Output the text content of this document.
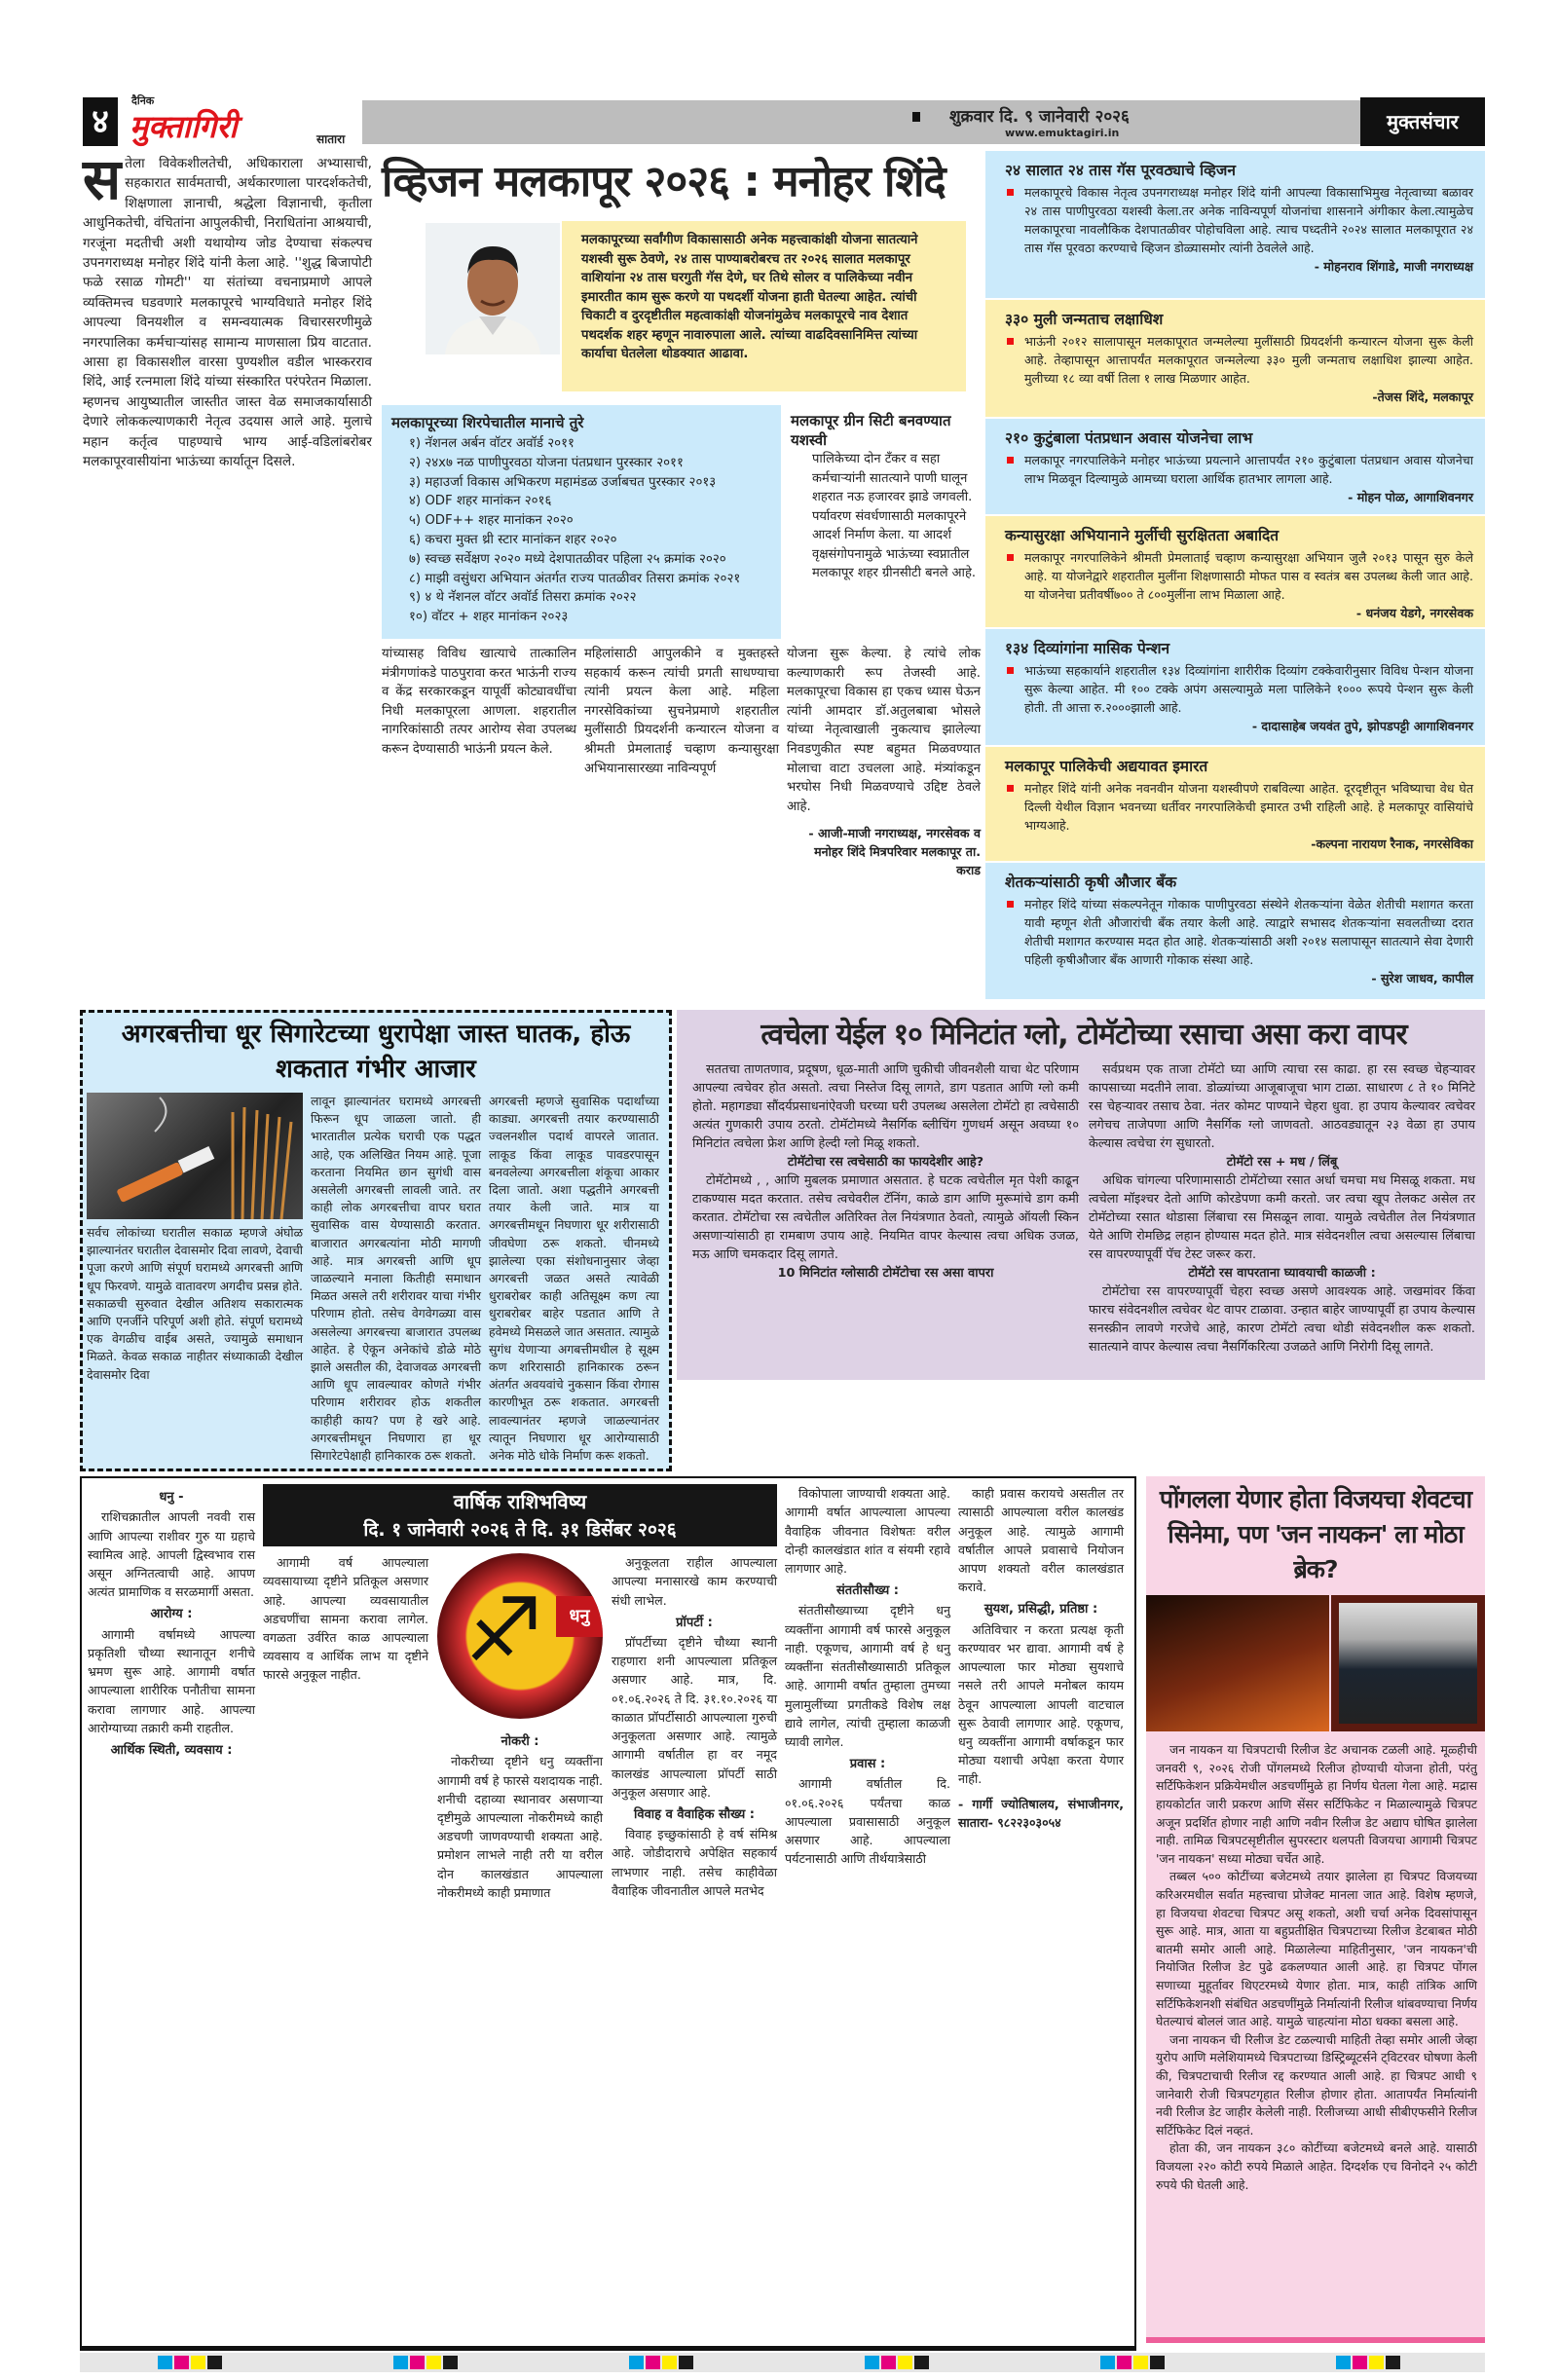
४
दैनिक
मुक्तागिरी	सातारा
शुक्रवार दि. ९ जानेवारी २०२६
www.emuktagiri.in	मुक्तसंचार
सतेला विवेकशीलतेची, अधिकाराला अभ्यासाची, सहकारात सार्वमताची, अर्थकारणाला पारदर्शकतेची, शिक्षणाला ज्ञानाची, श्रद्धेला विज्ञानाची, कृतीला आधुनिकतेची, वंचितांना आपुलकीची, निराधितांना आश्रयाची, गरजूंना मदतीची अशी यथायोग्य जोड देण्याचा संकल्पच उपनगराध्यक्ष मनोहर शिंदे यांनी केला आहे. ''शुद्ध बिजापोटी फळे रसाळ गोमटी'' या संतांच्या वचनाप्रमाणे आपले व्यक्तिमत्त्व घडवणारे मलकापूरचे भाग्यविधाते मनोहर शिंदे आपल्या विनयशील व समन्वयात्मक विचारसरणीमुळे नगरपालिका कर्मचाऱ्यांसह सामान्य माणसाला प्रिय वाटतात. आसा हा विकासशील वारसा पुण्यशील वडील भास्करराव शिंदे, आई रत्नमाला शिंदे यांच्या संस्कारित परंपरेतन मिळाला. म्हणनच आयुष्यातील जास्तीत जास्त वेळ समाजकार्यासाठी देणारे लोककल्याणकारी नेतृत्व उदयास आले आहे. मुलाचे महान कर्तृत्व पाहण्याचे भाग्य आई-वडिलांबरोबर मलकापूरवासीयांना भाऊंच्या कार्यातून दिसले.
व्हिजन मलकापूर २०२६ : मनोहर शिंदे
मलकापूरच्या सर्वांगीण विकासासाठी अनेक महत्त्वाकांक्षी योजना सातत्याने यशस्वी सुरू ठेवणे, २४ तास पाण्याबरोबरच तर २०२६ सालात मलकापूर वाशियांना २४ तास घरगुती गॅस देणे, घर तिथे सोलर व पालिकेच्या नवीन इमारतीत काम सुरू करणे या पथदर्शी योजना हाती घेतल्या आहेत. त्यांची चिकाटी व दुरदृष्टीतील महत्वाकांक्षी योजनांमुळेच मलकापूरचे नाव देशात पथदर्शक शहर म्हणून नावारुपाला आले. त्यांच्या वाढदिवसानिमित्त त्यांच्या कार्याचा घेतलेला थोडक्यात आढावा.
मलकापूरच्या शिरपेचातील मानाचे तुरे
१) नॅशनल अर्बन वॉटर अवॉर्ड २०११
२) २४x७ नळ पाणीपुरवठा योजना पंतप्रधान पुरस्कार २०११
३) महाउर्जा विकास अभिकरण महामंडळ उर्जाबचत पुरस्कार २०१३
४) ODF शहर मानांकन २०१६
५) ODF++ शहर मानांकन २०२०
६) कचरा मुक्त थ्री स्टार मानांकन शहर २०२०
७) स्वच्छ सर्वेक्षण २०२० मध्ये देशपातळीवर पहिला २५ क्रमांक २०२०
८) माझी वसुंधरा अभियान अंतर्गत राज्य पातळीवर तिसरा क्रमांक २०२१
९) ४ थे नॅशनल वॉटर अवॉर्ड तिसरा क्रमांक २०२२
१०) वॉटर + शहर मानांकन २०२३
मलकापूर ग्रीन सिटी बनवण्यात यशस्वी
पालिकेच्या दोन टँकर व सहा कर्मचाऱ्यांनी सातत्याने पाणी घालून शहरात नऊ हजारवर झाडे जगवली. पर्यावरण संवर्धणासाठी मलकापूरने आदर्श निर्माण केला. या आदर्श वृक्षसंगोपनामुळे भाऊंच्या स्वप्नातील मलकापूर शहर ग्रीनसीटी बनले आहे.
यांच्यासह विविध खात्याचे तात्कालिन मंत्रीगणांकडे पाठपुरावा करत भाऊंनी राज्य व केंद्र सरकारकडून यापूर्वी कोट्यावधींचा निधी मलकापूरला आणला. शहरातील नागरिकांसाठी तत्पर आरोग्य सेवा उपलब्ध करून देण्यासाठी भाऊंनी प्रयत्न केले.
महिलांसाठी आपुलकीने व मुक्तहस्ते सहकार्य करून त्यांची प्रगती साधण्याचा त्यांनी प्रयत्न केला आहे. महिला नगरसेविकांच्या सुचनेप्रमाणे शहरातील मुलींसाठी प्रियदर्शनी कन्यारत्न योजना व श्रीमती प्रेमलाताई चव्हाण कन्यासुरक्षा अभियानासारख्या नाविन्यपूर्ण
योजना सुरू केल्या. हे त्यांचे लोक कल्याणकारी रूप तेजस्वी आहे. मलकापूरचा विकास हा एकच ध्यास घेऊन त्यांनी आमदार डॉ.अतुलबाबा भोसले यांच्या नेतृत्वाखाली नुकत्याच झालेल्या निवडणुकीत स्पष्ट बहुमत मिळवण्यात मोलाचा वाटा उचलला आहे. मंत्र्यांकडून भरघोस निधी मिळवण्याचे उद्दिष्ट ठेवले आहे.
- आजी-माजी नगराध्यक्ष, नगरसेवक व मनोहर शिंदे मित्रपरिवार मलकापूर ता. कराड
२४ सालात २४ तास गॅस पूरवठ्याचे व्हिजन
मलकापूरचे विकास नेतृत्व उपनगराध्यक्ष मनोहर शिंदे यांनी आपल्या विकासाभिमुख नेतृत्वाच्या बळावर २४ तास पाणीपुरवठा यशस्वी केला.तर अनेक नाविन्यपूर्ण योजनांचा शासनाने अंगीकार केला.त्यामुळेच मलकापूरचा नावलौकिक देशपातळीवर पोहोचविला आहे. त्याच पध्दतीने २०२४ सालात मलकापूरात २४ तास गॅस पूरवठा करण्याचे व्हिजन डोळ्यासमोर त्यांनी ठेवलेले आहे.
- मोहनराव शिंगाडे, माजी नगराध्यक्ष
३३० मुली जन्मताच लक्षाधिश
भाऊंनी २०१२ सालापासून मलकापूरात जन्मलेल्या मुलींसाठी प्रियदर्शनी कन्यारत्न योजना सुरू केली आहे. तेव्हापासून आत्तापर्यंत मलकापूरात जन्मलेल्या ३३० मुली जन्मताच लक्षाधिश झाल्या आहेत. मुलीच्या १८ व्या वर्षी तिला १ लाख मिळणार आहेत.
-तेजस शिंदे, मलकापूर
२१० कुटुंबाला पंतप्रधान अवास योजनेचा लाभ
मलकापूर नगरपालिकेने मनोहर भाऊंच्या प्रयत्नाने आत्तापर्यंत २१० कुटुंबाला पंतप्रधान अवास योजनेचा लाभ मिळवून दिल्यामुळे आमच्या घराला आर्थिक हातभार लागला आहे.
- मोहन पोळ, आगाशिवनगर
कन्यासुरक्षा अभियानाने मुर्लीची सुरक्षितता अबादित
मलकापूर नगरपालिकेने श्रीमती प्रेमलाताई चव्हाण कन्यासुरक्षा अभियान जुलै २०१३ पासून सुरु केले आहे. या योजनेद्वारे शहरातील मुलींना शिक्षणासाठी मोफत पास व स्वतंत्र बस उपलब्ध केली जात आहे. या योजनेचा प्रतीवर्षी७०० ते ८००मुलींना लाभ मिळाला आहे.
- धनंजय येडगे, नगरसेवक
१३४ दिव्यांगांना मासिक पेन्शन
भाऊंच्या सहकार्याने शहरातील १३४ दिव्यांगांना शारीरीक दिव्यांग टक्केवारीनुसार विविध पेन्शन योजना सुरू केल्या आहेत. मी १०० टक्के अपंग असल्यामुळे मला पालिकेने १००० रूपये पेन्शन सुरू केली होती. ती आत्ता रु.२०००झाली आहे.
- दादासाहेब जयवंत तुपे, झोपडपट्टी आगाशिवनगर
मलकापूर पालिकेची अद्ययावत इमारत
मनोहर शिंदे यांनी अनेक नवनवीन योजना यशस्वीपणे राबविल्या आहेत. दूरदृष्टीतून भविष्याचा वेध घेत दिल्ली येथील विज्ञान भवनच्या धर्तीवर नगरपालिकेची इमारत उभी राहिली आहे. हे मलकापूर वासियांचे भाग्यआहे.
-कल्पना नारायण रैनाक, नगरसेविका
शेतकऱ्यांसाठी कृषी औजार बँक
मनोहर शिंदे यांच्या संकल्पनेतून गोकाक पाणीपुरवठा संस्थेने शेतकऱ्यांना वेळेत शेतीची मशागत करता यावी म्हणून शेती औजारांची बँक तयार केली आहे. त्याद्वारे सभासद शेतकऱ्यांना सवलतीच्या दरात शेतीची मशागत करण्यास मदत होत आहे. शेतकऱ्यांसाठी अशी २०१४ सलापासून सातत्याने सेवा देणारी पहिली कृषीऔजार बँक आणारी गोकाक संस्था आहे.
- सुरेश जाधव, कापील
अगरबत्तीचा धूर सिगारेटच्या धुरापेक्षा जास्त घातक, होऊ शकतात गंभीर आजार
सर्वच लोकांच्या घरातील सकाळ म्हणजे अंघोळ झाल्यानंतर घरातील देवासमोर दिवा लावणे, देवाची पूजा करणे आणि संपूर्ण घरामध्ये अगरबत्ती आणि धूप फिरवणे. यामुळे वातावरण अगदीच प्रसन्न होते. सकाळची सुरुवात देखील अतिशय सकारात्मक आणि एनर्जीने परिपूर्ण अशी होते. संपूर्ण घरामध्ये एक वेगळीच वाईब असते, ज्यामुळे समाधान मिळते. केवळ सकाळ नाहीतर संध्याकाळी देखील देवासमोर दिवा
लावून झाल्यानंतर घरामध्ये अगरबत्ती फिरून धूप जाळला जातो. ही भारतातील प्रत्येक घराची एक पद्धत आहे, एक अलिखित नियम आहे. पूजा करताना नियमित छान सुगंधी वास असलेली अगरबत्ती लावली जाते. तर काही लोक अगरबत्तीचा वापर घरात सुवासिक वास येण्यासाठी करतात. बाजारात अगरबत्यांना मोठी मागणी आहे. मात्र अगरबत्ती आणि धूप जाळल्याने मनाला कितीही समाधान मिळत असले तरी शरीरावर याचा गंभीर परिणाम होतो. तसेच वेगवेगळ्या वास असलेल्या अगरबत्त्या बाजारात उपलब्ध आहेत. हे ऐकून अनेकांचे डोळे मोठे झाले असतील की, देवाजवळ अगरबत्ती आणि धूप लावल्यावर कोणते गंभीर परिणाम शरीरावर होऊ शकतील काहीही काय? पण हे खरे आहे. अगरबत्तीमधून निघणारा हा धूर सिगारेटपेक्षाही हानिकारक ठरू शकतो.
अगरबत्ती म्हणजे सुवासिक पदार्थांच्या काड्या. अगरबत्ती तयार करण्यासाठी ज्वलनशील पदार्थ वापरले जातात. लाकूड किंवा लाकूड पावडरपासून बनवलेल्या अगरबत्तीला शंकूचा आकार दिला जातो. अशा पद्धतीने अगरबत्ती तयार केली जाते. मात्र या अगरबत्तीमधून निघणारा धूर शरीरासाठी जीवघेणा ठरू शकतो. चीनमध्ये झालेल्या एका संशोधनानुसार जेव्हा अगरबत्ती जळत असते त्यावेळी धुराबरोबर काही अतिसूक्ष्म कण त्या धुराबरोबर बाहेर पडतात आणि ते हवेमध्ये मिसळले जात असतात. त्यामुळे सुगंध येणाऱ्या अगबत्तीमधील हे सूक्ष्म कण शरिरासाठी हानिकारक ठरून अंतर्गत अवयवांचे नुकसान किंवा रोगास कारणीभूत ठरू शकतात. अगरबत्ती लावल्यानंतर म्हणजे जाळल्यानंतर त्यातून निघणारा धूर आरोग्यासाठी अनेक मोठे धोके निर्माण करू शकतो.
त्वचेला येईल १० मिनिटांत ग्लो, टोमॅटोच्या रसाचा असा करा वापर

सततचा ताणतणाव, प्रदूषण, धूळ-माती आणि चुकीची जीवनशैली याचा थेट परिणाम आपल्या त्वचेवर होत असतो. त्वचा निस्तेज दिसू लागते, डाग पडतात आणि ग्लो कमी होतो. महागड्या सौंदर्यप्रसाधनांऐवजी घरच्या घरी उपलब्ध असलेला टोमॅटो हा त्वचेसाठी अत्यंत गुणकारी उपाय ठरतो. टोमॅटोमध्ये नैसर्गिक ब्लीचिंग गुणधर्म असून अवघ्या १० मिनिटांत त्वचेला फ्रेश आणि हेल्दी ग्लो मिळू शकतो.

टोमॅटोचा रस त्वचेसाठी का फायदेशीर आहे?

टोमॅटोमध्ये , , आणि मुबलक प्रमाणात असतात. हे घटक त्वचेतील मृत पेशी काढून टाकण्यास मदत करतात. तसेच त्वचेवरील टॅनिंग, काळे डाग आणि मुरूमांचे डाग कमी करतात. टोमॅटोचा रस त्वचेतील अतिरिक्त तेल नियंत्रणात ठेवतो, त्यामुळे ऑयली स्किन असणाऱ्यांसाठी हा रामबाण उपाय आहे. नियमित वापर केल्यास त्वचा अधिक उजळ, मऊ आणि चमकदार दिसू लागते.

10 मिनिटांत ग्लोसाठी टोमॅटोचा रस असा वापरा

सर्वप्रथम एक ताजा टोमॅटो घ्या आणि त्याचा रस काढा. हा रस स्वच्छ चेहऱ्यावर कापसाच्या मदतीने लावा. डोळ्यांच्या आजूबाजूचा भाग टाळा. साधारण ८ ते १० मिनिटे रस चेहऱ्यावर तसाच ठेवा. नंतर कोमट पाण्याने चेहरा धुवा. हा उपाय केल्यावर त्वचेवर लगेचच ताजेपणा आणि नैसर्गिक ग्लो जाणवतो. आठवड्यातून २३ वेळा हा उपाय केल्यास त्वचेचा रंग सुधारतो.

टोमॅटो रस + मध / लिंबू

अधिक चांगल्या परिणामासाठी टोमॅटोच्या रसात अर्धा चमचा मध मिसळू शकता. मध त्वचेला मॉइश्चर देतो आणि कोरडेपणा कमी करतो. जर त्वचा खूप तेलकट असेल तर टोमॅटोच्या रसात थोडासा लिंबाचा रस मिसळून लावा. यामुळे त्वचेतील तेल नियंत्रणात येते आणि रोमछिद्र लहान होण्यास मदत होते. मात्र संवेदनशील त्वचा असल्यास लिंबाचा रस वापरण्यापूर्वी पॅच टेस्ट जरूर करा.

टोमॅटो रस वापरताना घ्यावयाची काळजी :

टोमॅटोचा रस वापरण्यापूर्वी चेहरा स्वच्छ असणे आवश्यक आहे. जखमांवर किंवा फारच संवेदनशील त्वचेवर थेट वापर टाळावा. उन्हात बाहेर जाण्यापूर्वी हा उपाय केल्यास सनस्क्रीन लावणे गरजेचे आहे, कारण टोमॅटो त्वचा थोडी संवेदनशील करू शकतो. सातत्याने वापर केल्यास त्वचा नैसर्गिकरित्या उजळते आणि निरोगी दिसू लागते.

धनु -

राशिचक्रातील आपली नववी रास आणि आपल्या राशीवर गुरु या ग्रहाचे स्वामित्व आहे. आपली द्विस्वभाव रास असून अग्नितत्वाची आहे. आपण अत्यंत प्रामाणिक व सरळमार्गी असता.

आरोग्य :

आगामी वर्षामध्ये आपल्या प्रकृतिशी चौथ्या स्थानातून शनीचे भ्रमण सुरू आहे. आगामी वर्षात आपल्याला शारीरिक पनौतीचा सामना करावा लागणार आहे. आपल्या आरोग्याच्या तक्रारी कमी राहतील.

आर्थिक स्थिती, व्यवसाय :
वार्षिक राशिभविष्य
दि. १ जानेवारी २०२६ ते दि. ३१ डिसेंबर २०२६

आगामी वर्ष आपल्याला व्यवसायाच्या दृष्टीने प्रतिकूल असणार आहे. आपल्या व्यवसायातील अडचणींचा सामना करावा लागेल. वगळता उर्वरित काळ आपल्याला व्यवसाय व आर्थिक लाभ या दृष्टीने फारसे अनुकूल नाहीत.	♐	धनु
नोकरी :

नोकरीच्या दृष्टीने धनु व्यक्तींना आगामी वर्ष हे फारसे यशदायक नाही. शनीची दहाव्या स्थानावर असणाऱ्या दृष्टीमुळे आपल्याला नोकरीमध्ये काही अडचणी जाणवण्याची शक्यता आहे. प्रमोशन लाभले नाही तरी या वरील दोन कालखंडात आपल्याला नोकरीमध्ये काही प्रमाणात

अनुकूलता राहील आपल्याला आपल्या मनासारखे काम करण्याची संधी लाभेल.

प्रॉपर्टी :

प्रॉपर्टीच्या दृष्टीने चौथ्या स्थानी राहणारा शनी आपल्याला प्रतिकूल असणार आहे. मात्र, दि. ०१.०६.२०२६ ते दि. ३१.१०.२०२६ या काळात प्रॉपर्टीसाठी आपल्याला गुरुची अनुकूलता असणार आहे. त्यामुळे आगामी वर्षातील हा वर नमूद कालखंड आपल्याला प्रॉपर्टी साठी अनुकूल असणार आहे.

विवाह व वैवाहिक सौख्य :

विवाह इच्छुकांसाठी हे वर्ष संमिश्र आहे. जोडीदाराचे अपेक्षित सहकार्य लाभणार नाही. तसेच काहीवेळा वैवाहिक जीवनातील आपले मतभेद

विकोपाला जाण्याची शक्यता आहे. आगामी वर्षात आपल्याला आपल्या वैवाहिक जीवनात विशेषतः वरील दोन्ही कालखंडात शांत व संयमी रहावे लागणार आहे.

संततीसौख्य :

संततीसौख्याच्या दृष्टीने धनु व्यक्तींना आगामी वर्ष फारसे अनुकूल नाही. एकूणच, आगामी वर्ष हे धनु व्यक्तींना संततीसौख्यासाठी प्रतिकूल आहे. आगामी वर्षात तुम्हाला तुमच्या मुलामुलींच्या प्रगतीकडे विशेष लक्ष द्यावे लागेल, त्यांची तुम्हाला काळजी घ्यावी लागेल.

प्रवास :

आगामी वर्षातील दि. ०१.०६.२०२६ पर्यंतचा काळ आपल्याला प्रवासासाठी अनुकूल असणार आहे. आपल्याला पर्यटनासाठी आणि तीर्थयात्रेसाठी

काही प्रवास करायचे असतील तर त्यासाठी आपल्याला वरील कालखंड अनुकूल आहे. त्यामुळे आगामी वर्षातील आपले प्रवासाचे नियोजन आपण शक्यतो वरील कालखंडात करावे.

सुयश, प्रसिद्धी, प्रतिष्ठा :

अतिविचार न करता प्रत्यक्ष कृती करण्यावर भर द्यावा. आगामी वर्ष हे आपल्याला फार मोठ्या सुयशाचे नसले तरी आपले मनोबल कायम ठेवून आपल्याला आपली वाटचाल सुरू ठेवावी लागणार आहे. एकूणच, धनु व्यक्तींना आगामी वर्षाकडून फार मोठ्या यशाची अपेक्षा करता येणार नाही.

- गार्गी ज्योतिषालय, संभाजीनगर, सातारा- ९८२२३०३०५४

पोंगलला येणार होता विजयचा शेवटचा सिनेमा, पण 'जन नायकन' ला मोठा ब्रेक?

जन नायकन या चित्रपटाची रिलीज डेट अचानक टळली आहे. मूळ्हीची जनवरी ९, २०२६ रोजी पोंगलमध्ये रिलीज होण्याची योजना होती, परंतु सर्टिफिकेशन प्रक्रियेमधील अडचर्णीमुळे हा निर्णय घेतला गेला आहे. मद्रास हायकोर्टात जारी प्रकरण आणि सेंसर सर्टिफिकेट न मिळाल्यामुळे चित्रपट अजून प्रदर्शित होणार नाही आणि नवीन रिलीज डेट अद्याप घोषित झालेला नाही. तामिळ चित्रपटसृष्टीतील सुपरस्टार थलपती विजयचा आगामी चित्रपट 'जन नायकन' सध्या मोठ्या चर्चेत आहे.

तब्बल ५०० कोटींच्या बजेटमध्ये तयार झालेला हा चित्रपट विजयच्या करिअरमधील सर्वात महत्त्वाचा प्रोजेक्ट मानला जात आहे. विशेष म्हणजे, हा विजयचा शेवटचा चित्रपट असू शकतो, अशी चर्चा अनेक दिवसांपासून सुरू आहे. मात्र, आता या बहुप्रतीक्षित चित्रपटाच्या रिलीज डेटबाबत मोठी बातमी समोर आली आहे. मिळालेल्या माहितीनुसार, 'जन नायकन'ची नियोजित रिलीज डेट पुढे ढकलण्यात आली आहे. हा चित्रपट पोंगल सणाच्या मुहूर्तावर थिएटरमध्ये येणार होता. मात्र, काही तांत्रिक आणि सर्टिफिकेशनशी संबंधित अडचणींमुळे निर्मात्यांनी रिलीज थांबवण्याचा निर्णय घेतल्याचं बोललं जात आहे. यामुळे चाहत्यांना मोठा धक्का बसला आहे.

जना नायकन ची रिलीज डेट टळल्याची माहिती तेव्हा समोर आली जेव्हा युरोप आणि मलेशियामध्ये चित्रपटाच्या डिस्ट्रिब्यूटर्सने ट्विटरवर घोषणा केली की, चित्रपटाचाची रिलीज रद्द करण्यात आली आहे. हा चित्रपट आधी ९ जानेवारी रोजी चित्रपटगृहात रिलीज होणार होता. आतापर्यंत निर्मात्यांनी नवी रिलीज डेट जाहीर केलेली नाही. रिलीजच्या आधी सीबीएफसीने रिलीज सर्टिफिकेट दिलं नव्हतं.

होता की, जन नायकन ३८० कोटींच्या बजेटमध्ये बनले आहे. यासाठी विजयला २२० कोटी रुपये मिळाले आहेत. दिग्दर्शक एच विनोदने २५ कोटी रुपये फी घेतली आहे.
